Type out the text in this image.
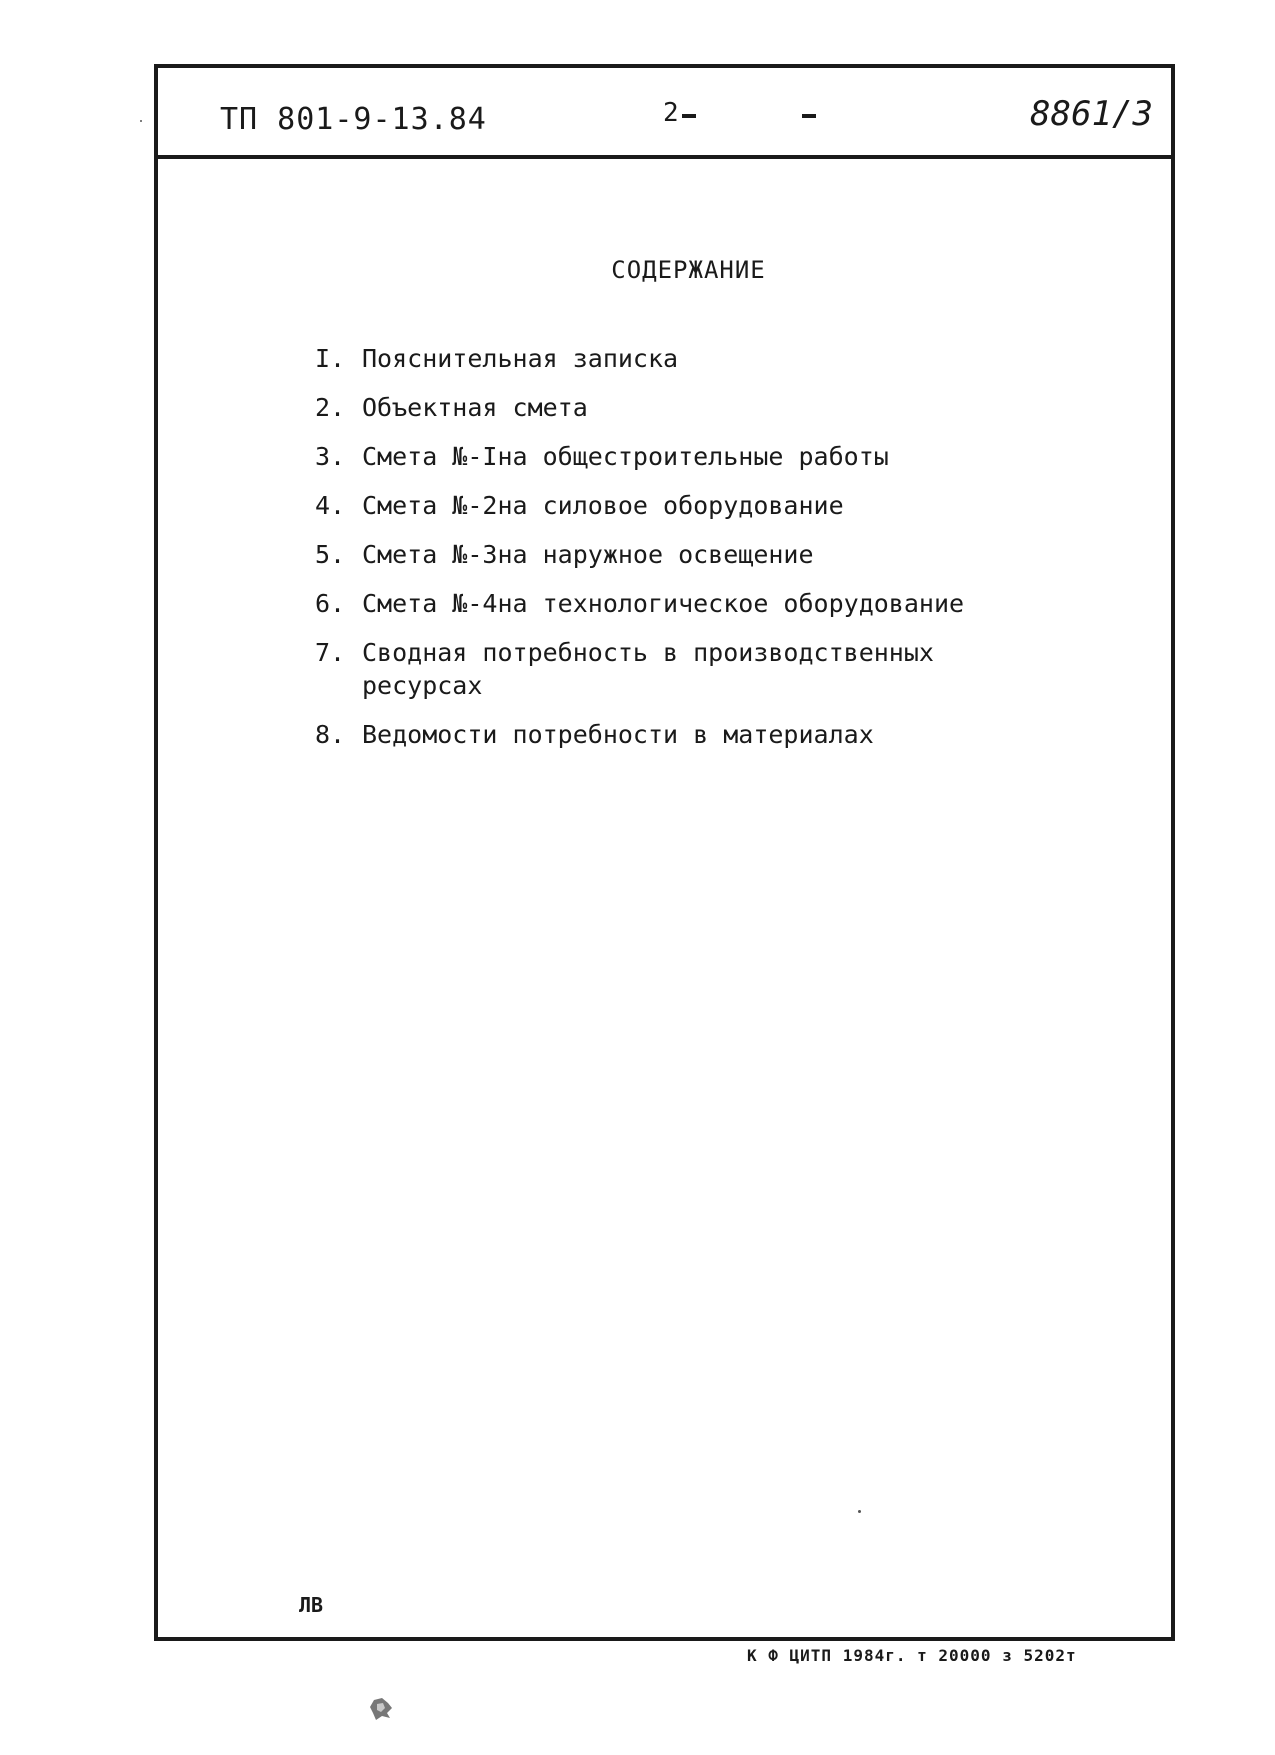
ТП 801-9-13.84	2	8861/3
СОДЕРЖАНИЕ
I. Пояснительная записка
2. Объектная смета
3. Смета №-Iна общестроительные работы
4. Смета №-2на силовое оборудование
5. Смета №-3на наружное освещение
6. Смета №-4на технологическое оборудование
7. Сводная потребность в производственных ресурсах
8. Ведомости потребности в материалах
ЛВ
К Ф ЦИТП 1984г. т 20000 з 5202т
